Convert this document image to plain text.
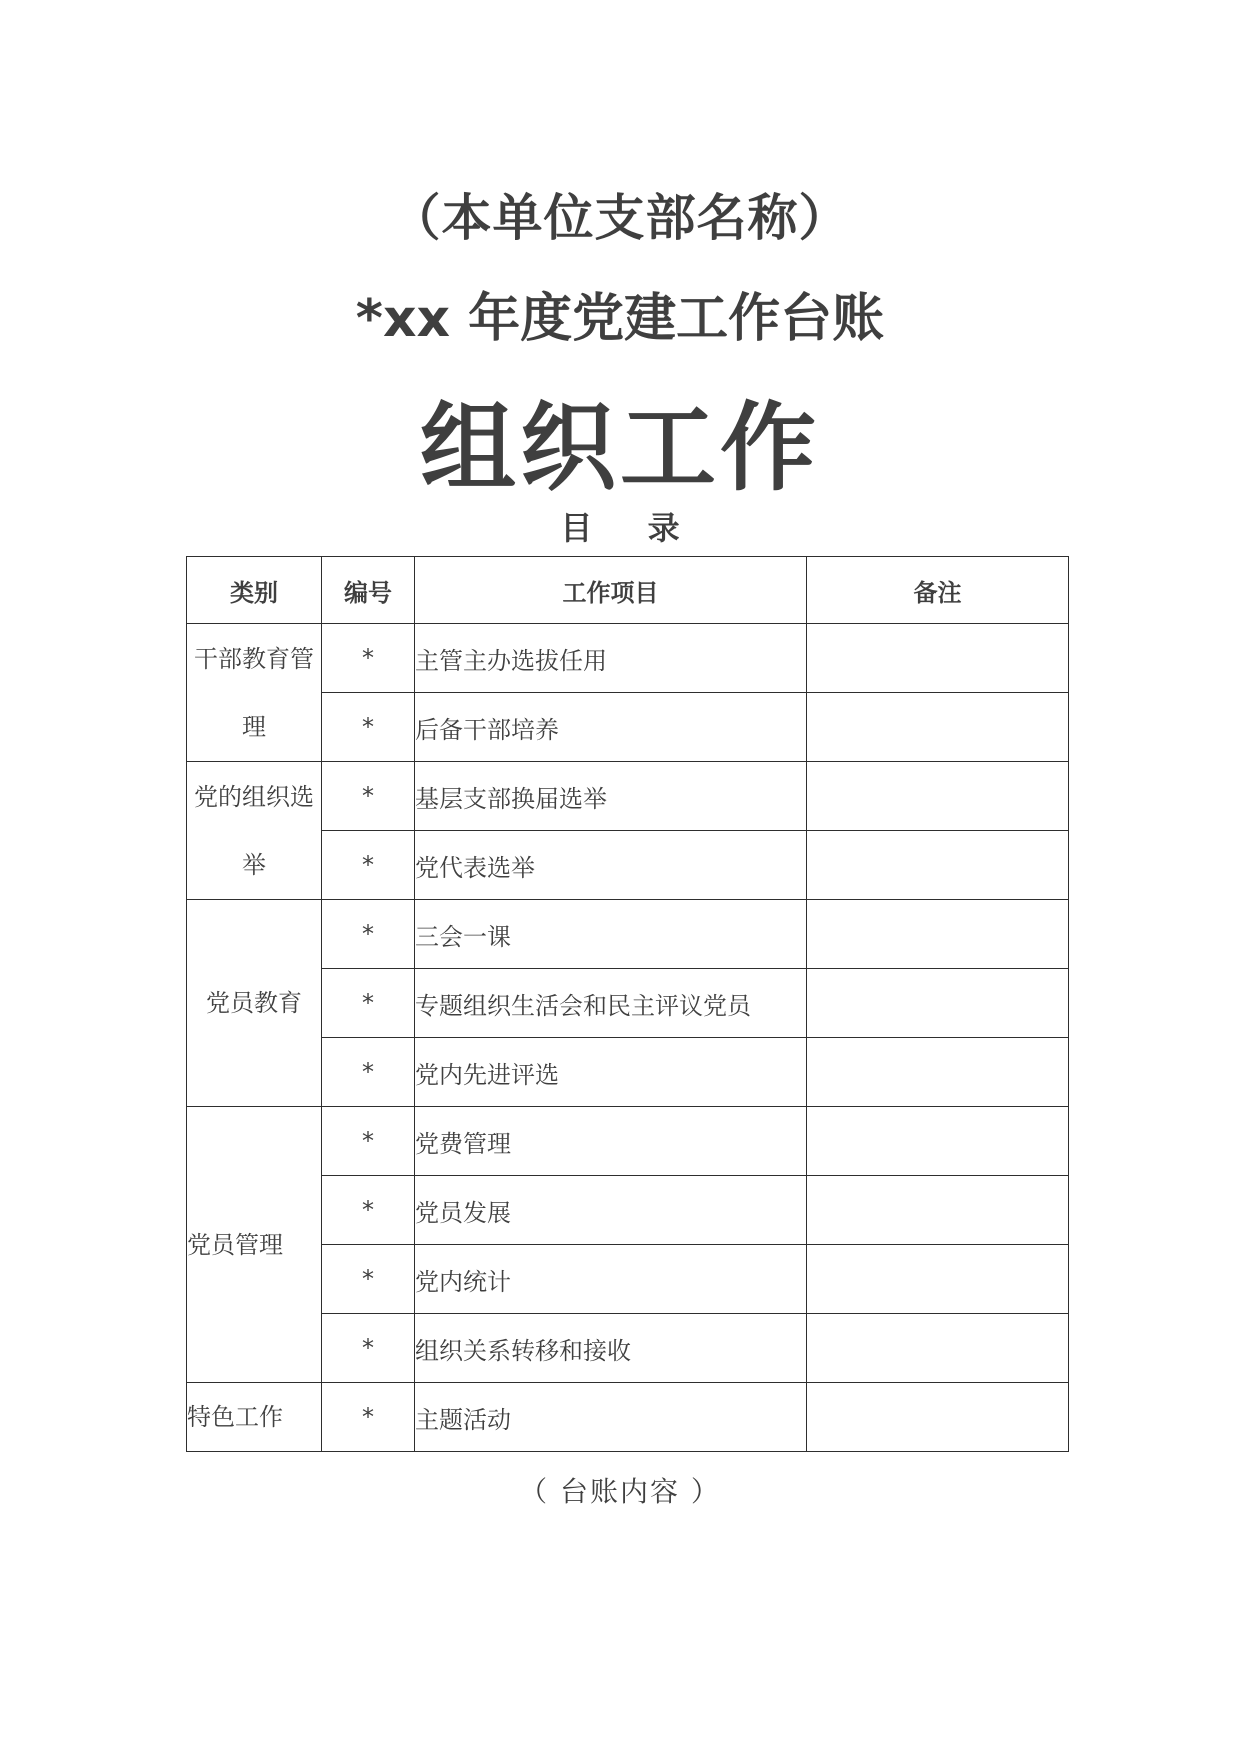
（本单位支部名称）
*xx 年度党建工作台账
组织工作
目 录
类别	编号	工作项目	备注
干部教育管理	*	主管主办选拔任用	
	*	后备干部培养	
党的组织选举	*	基层支部换届选举	
	*	党代表选举	
党员教育	*	三会一课	
	*	专题组织生活会和民主评议党员	
	*	党内先进评选	
党员管理	*	党费管理	
	*	党员发展	
	*	党内统计	
	*	组织关系转移和接收	
特色工作	*	主题活动	
（ 台账内容 ）
